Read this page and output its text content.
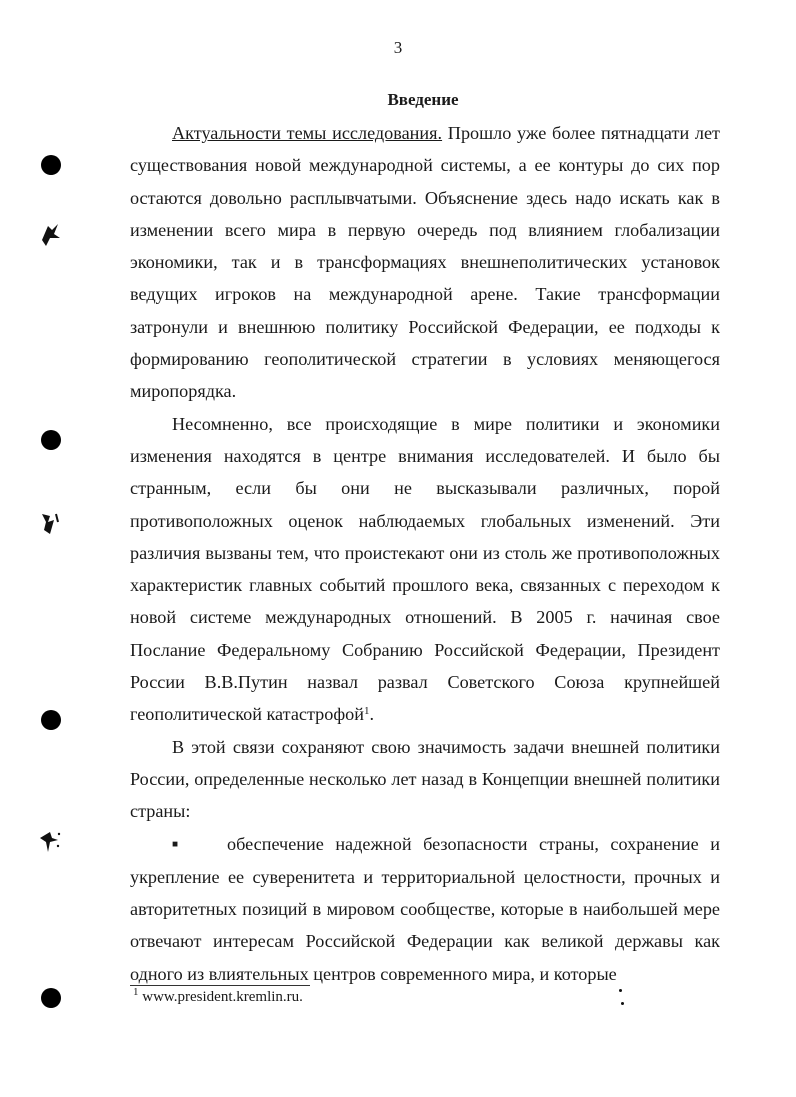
3
Введение

Актуальности темы исследования. Прошло уже более пятнадцати лет существования новой международной системы, а ее контуры до сих пор остаются довольно расплывчатыми. Объяснение здесь надо искать как в изменении всего мира в первую очередь под влиянием глобализации экономики, так и в трансформациях внешнеполитических установок ведущих игроков на международной арене. Такие трансформации затронули и внешнюю политику Российской Федерации, ее подходы к формированию геополитической стратегии в условиях меняющегося миропорядка.

Несомненно, все происходящие в мире политики и экономики изменения находятся в центре внимания исследователей. И было бы странным, если бы они не высказывали различных, порой противоположных оценок наблюдаемых глобальных изменений. Эти различия вызваны тем, что проистекают они из столь же противоположных характеристик главных событий прошлого века, связанных с переходом к новой системе международных отношений. В 2005 г. начиная свое Послание Федеральному Собранию Российской Федерации, Президент России В.В.Путин назвал развал Советского Союза крупнейшей геополитической катастрофой$^1$.

В этой связи сохраняют свою значимость задачи внешней политики России, определенные несколько лет назад в Концепции внешней политики страны:

■	обеспечение надежной безопасности страны, сохранение и укрепление ее суверенитета и территориальной целостности, прочных и авторитетных позиций в мировом сообществе, которые в наибольшей мере отвечают интересам Российской Федерации как великой державы как одного из влиятельных центров современного мира, и которые

$^1$ www.president.kremlin.ru.
